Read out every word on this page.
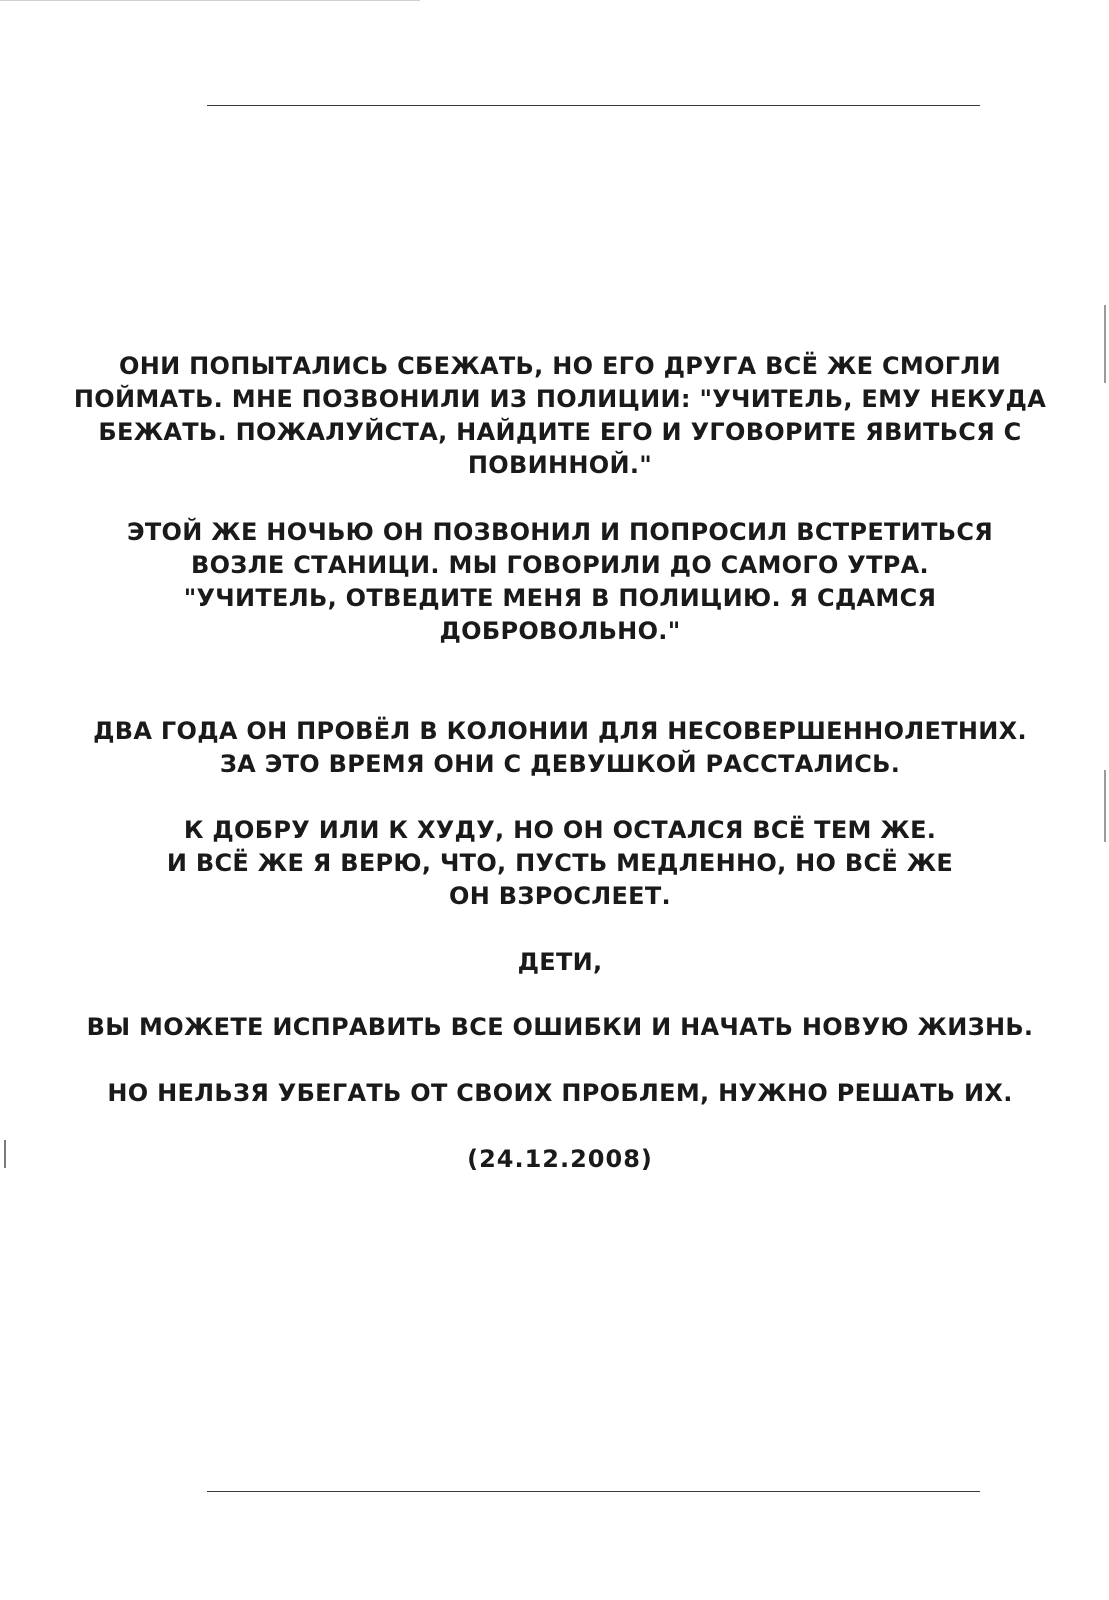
ОНИ ПОПЫТАЛИСЬ СБЕЖАТЬ, НО ЕГО ДРУГА ВСЁ ЖЕ СМОГЛИ
ПОЙМАТЬ. МНЕ ПОЗВОНИЛИ ИЗ ПОЛИЦИИ: "УЧИТЕЛЬ, ЕМУ НЕКУДА
БЕЖАТЬ. ПОЖАЛУЙСТА, НАЙДИТЕ ЕГО И УГОВОРИТЕ ЯВИТЬСЯ С
ПОВИННОЙ."
ЭТОЙ ЖЕ НОЧЬЮ ОН ПОЗВОНИЛ И ПОПРОСИЛ ВСТРЕТИТЬСЯ
ВОЗЛЕ СТАНИЦИ. МЫ ГОВОРИЛИ ДО САМОГО УТРА.
"УЧИТЕЛЬ, ОТВЕДИТЕ МЕНЯ В ПОЛИЦИЮ. Я СДАМСЯ
ДОБРОВОЛЬНО."
ДВА ГОДА ОН ПРОВЁЛ В КОЛОНИИ ДЛЯ НЕСОВЕРШЕННОЛЕТНИХ.
ЗА ЭТО ВРЕМЯ ОНИ С ДЕВУШКОЙ РАССТАЛИСЬ.
К ДОБРУ ИЛИ К ХУДУ, НО ОН ОСТАЛСЯ ВСЁ ТЕМ ЖЕ.
И ВСЁ ЖЕ Я ВЕРЮ, ЧТО, ПУСТЬ МЕДЛЕННО, НО ВСЁ ЖЕ
ОН ВЗРОСЛЕЕТ.
ДЕТИ,
ВЫ МОЖЕТЕ ИСПРАВИТЬ ВСЕ ОШИБКИ И НАЧАТЬ НОВУЮ ЖИЗНЬ.
НО НЕЛЬЗЯ УБЕГАТЬ ОТ СВОИХ ПРОБЛЕМ, НУЖНО РЕШАТЬ ИХ.
(24.12.2008)
